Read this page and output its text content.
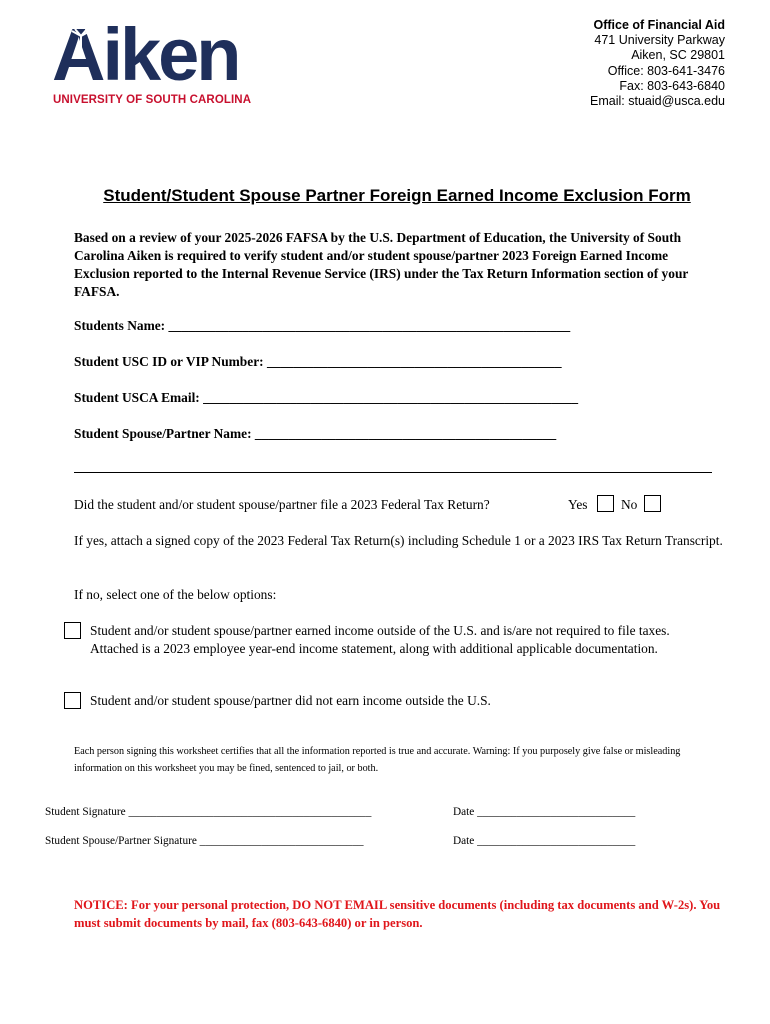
Aiken
UNIVERSITY OF SOUTH CAROLINA
Office of Financial Aid
471 University Parkway
Aiken, SC 29801
Office: 803-641-3476
Fax: 803-643-6840
Email: stuaid@usca.edu
Student/Student Spouse Partner Foreign Earned Income Exclusion Form
Based on a review of your 2025-2026 FAFSA by the U.S. Department of Education, the University of South Carolina Aiken is required to verify student and/or student spouse/partner 2023 Foreign Earned Income Exclusion reported to the Internal Revenue Service (IRS) under the Tax Return Information section of your FAFSA.
Students Name: ____________________________________________________________
Student USC ID or VIP Number: ____________________________________________
Student USCA Email: ________________________________________________________
Student Spouse/Partner Name: _____________________________________________
Did the student and/or student spouse/partner file a 2023 Federal Tax Return?	Yes	No
If yes, attach a signed copy of the 2023 Federal Tax Return(s) including Schedule 1 or a 2023 IRS Tax Return Transcript.
If no, select one of the below options:
Student and/or student spouse/partner earned income outside of the U.S. and is/are not required to file taxes. Attached is a 2023 employee year-end income statement, along with additional applicable documentation.
Student and/or student spouse/partner did not earn income outside the U.S.
Each person signing this worksheet certifies that all the information reported is true and accurate. Warning: If you purposely give false or misleading information on this worksheet you may be fined, sentenced to jail, or both.
Student Signature ___________________________________________	Date ____________________________
Student Spouse/Partner Signature _____________________________	Date ____________________________
NOTICE: For your personal protection, DO NOT EMAIL sensitive documents (including tax documents and W-2s). You must submit documents by mail, fax (803-643-6840) or in person.
